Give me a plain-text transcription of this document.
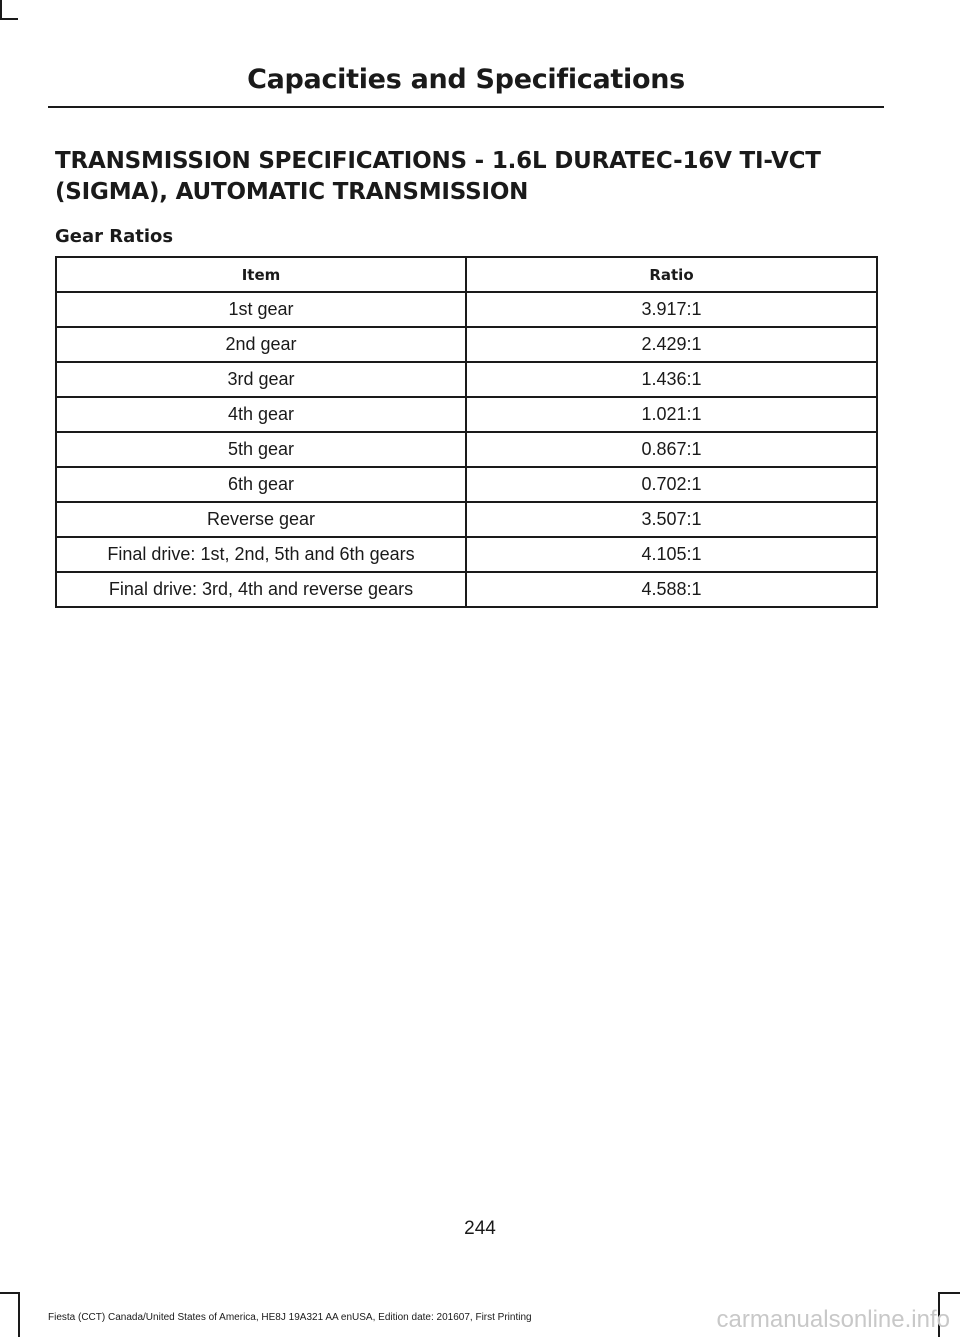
Capacities and Specifications
TRANSMISSION SPECIFICATIONS - 1.6L DURATEC-16V TI-VCT (SIGMA), AUTOMATIC TRANSMISSION
Gear Ratios
Item	Ratio
1st gear	3.917:1
2nd gear	2.429:1
3rd gear	1.436:1
4th gear	1.021:1
5th gear	0.867:1
6th gear	0.702:1
Reverse gear	3.507:1
Final drive: 1st, 2nd, 5th and 6th gears	4.105:1
Final drive: 3rd, 4th and reverse gears	4.588:1
244
Fiesta (CCT) Canada/United States of America, HE8J 19A321 AA enUSA, Edition date: 201607, First Printing	carmanualsonline.info
